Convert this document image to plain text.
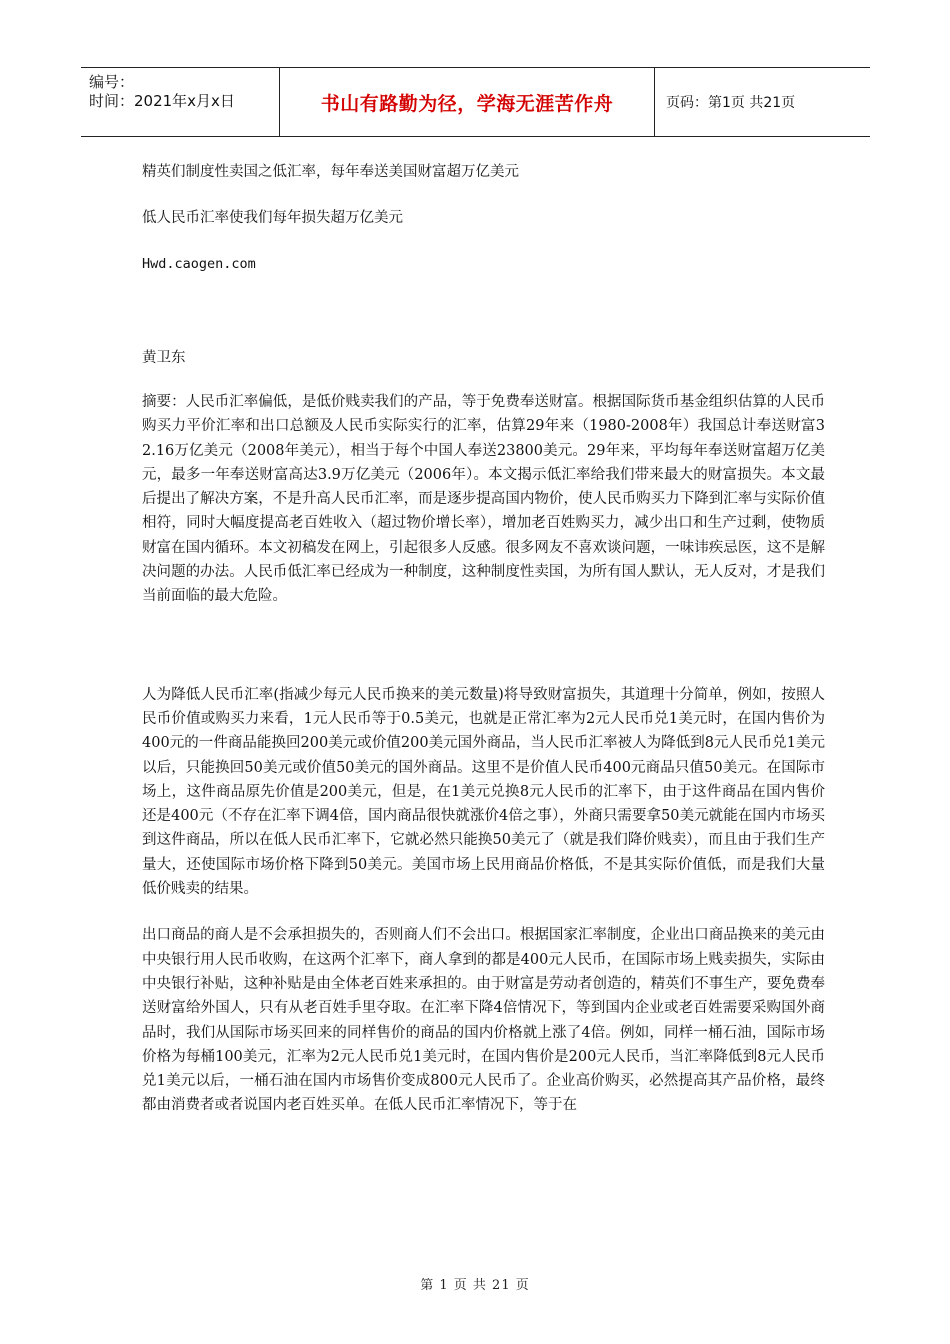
编号：
时间：2021年x月x日	书山有路勤为径，学海无涯苦作舟	页码：第1页 共21页

精英们制度性卖国之低汇率，每年奉送美国财富超万亿美元

低人民币汇率使我们每年损失超万亿美元

Hwd.caogen.com

黄卫东

摘要：人民币汇率偏低，是低价贱卖我们的产品，等于免费奉送财富。根据国际货币基金组织估算的人民币购买力平价汇率和出口总额及人民币实际实行的汇率，估算29年来（1980-2008年）我国总计奉送财富32.16万亿美元（2008年美元），相当于每个中国人奉送23800美元。29年来，平均每年奉送财富超万亿美元，最多一年奉送财富高达3.9万亿美元（2006年）。本文揭示低汇率给我们带来最大的财富损失。本文最后提出了解决方案，不是升高人民币汇率，而是逐步提高国内物价，使人民币购买力下降到汇率与实际价值相符，同时大幅度提高老百姓收入（超过物价增长率），增加老百姓购买力，减少出口和生产过剩，使物质财富在国内循环。本文初稿发在网上，引起很多人反感。很多网友不喜欢谈问题，一味讳疾忌医，这不是解决问题的办法。人民币低汇率已经成为一种制度，这种制度性卖国，为所有国人默认，无人反对，才是我们当前面临的最大危险。

人为降低人民币汇率(指减少每元人民币换来的美元数量)将导致财富损失，其道理十分简单，例如，按照人民币价值或购买力来看，1元人民币等于0.5美元，也就是正常汇率为2元人民币兑1美元时，在国内售价为400元的一件商品能换回200美元或价值200美元国外商品，当人民币汇率被人为降低到8元人民币兑1美元以后，只能换回50美元或价值50美元的国外商品。这里不是价值人民币400元商品只值50美元。在国际市场上，这件商品原先价值是200美元，但是，在1美元兑换8元人民币的汇率下，由于这件商品在国内售价还是400元（不存在汇率下调4倍，国内商品很快就涨价4倍之事），外商只需要拿50美元就能在国内市场买到这件商品，所以在低人民币汇率下，它就必然只能换50美元了（就是我们降价贱卖），而且由于我们生产量大，还使国际市场价格下降到50美元。美国市场上民用商品价格低，不是其实际价值低，而是我们大量低价贱卖的结果。

出口商品的商人是不会承担损失的，否则商人们不会出口。根据国家汇率制度，企业出口商品换来的美元由中央银行用人民币收购，在这两个汇率下，商人拿到的都是400元人民币，在国际市场上贱卖损失，实际由中央银行补贴，这种补贴是由全体老百姓来承担的。由于财富是劳动者创造的，精英们不事生产，要免费奉送财富给外国人，只有从老百姓手里夺取。在汇率下降4倍情况下，等到国内企业或老百姓需要采购国外商品时，我们从国际市场买回来的同样售价的商品的国内价格就上涨了4倍。例如，同样一桶石油，国际市场价格为每桶100美元，汇率为2元人民币兑1美元时，在国内售价是200元人民币，当汇率降低到8元人民币兑1美元以后，一桶石油在国内市场售价变成800元人民币了。企业高价购买，必然提高其产品价格，最终都由消费者或者说国内老百姓买单。在低人民币汇率情况下，等于在

第 1 页 共 21 页
